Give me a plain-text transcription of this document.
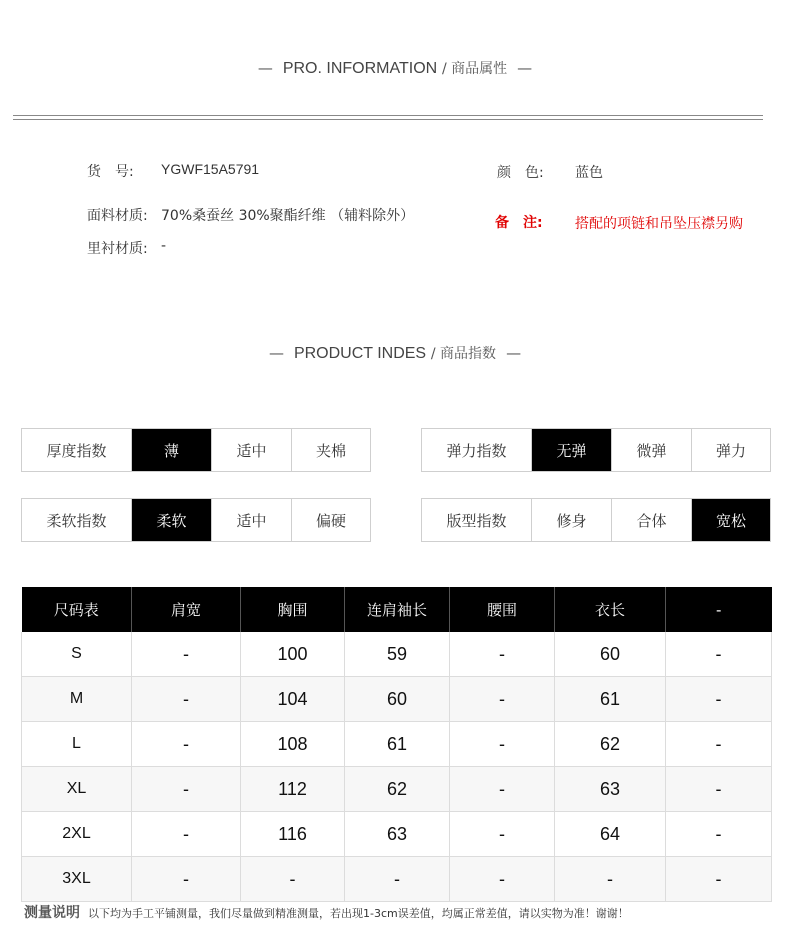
— PRO. INFORMATION / 商品属性 —
货　号: YGWF15A5791	颜　色: 蓝色
面料材质: 70%桑蚕丝 30%聚酯纤维 （辅料除外）	备　注: 搭配的项链和吊坠压襟另购
里衬材质: -
— PRODUCT INDES / 商品指数 —
厚度指数	薄	适中	夹棉	弹力指数	无弹	微弹	弹力
柔软指数	柔软	适中	偏硬	版型指数	修身	合体	宽松
尺码表	肩宽	胸围	连肩袖长	腰围	衣长	-
S	-	100	59	-	60	-
M	-	104	60	-	61	-
L	-	108	61	-	62	-
XL	-	112	62	-	63	-
2XL	-	116	63	-	64	-
3XL	-	-	-	-	-	-
测量说明 以下均为手工平铺测量，我们尽量做到精准测量，若出现1-3cm误差值，均属正常差值，请以实物为准！谢谢！
